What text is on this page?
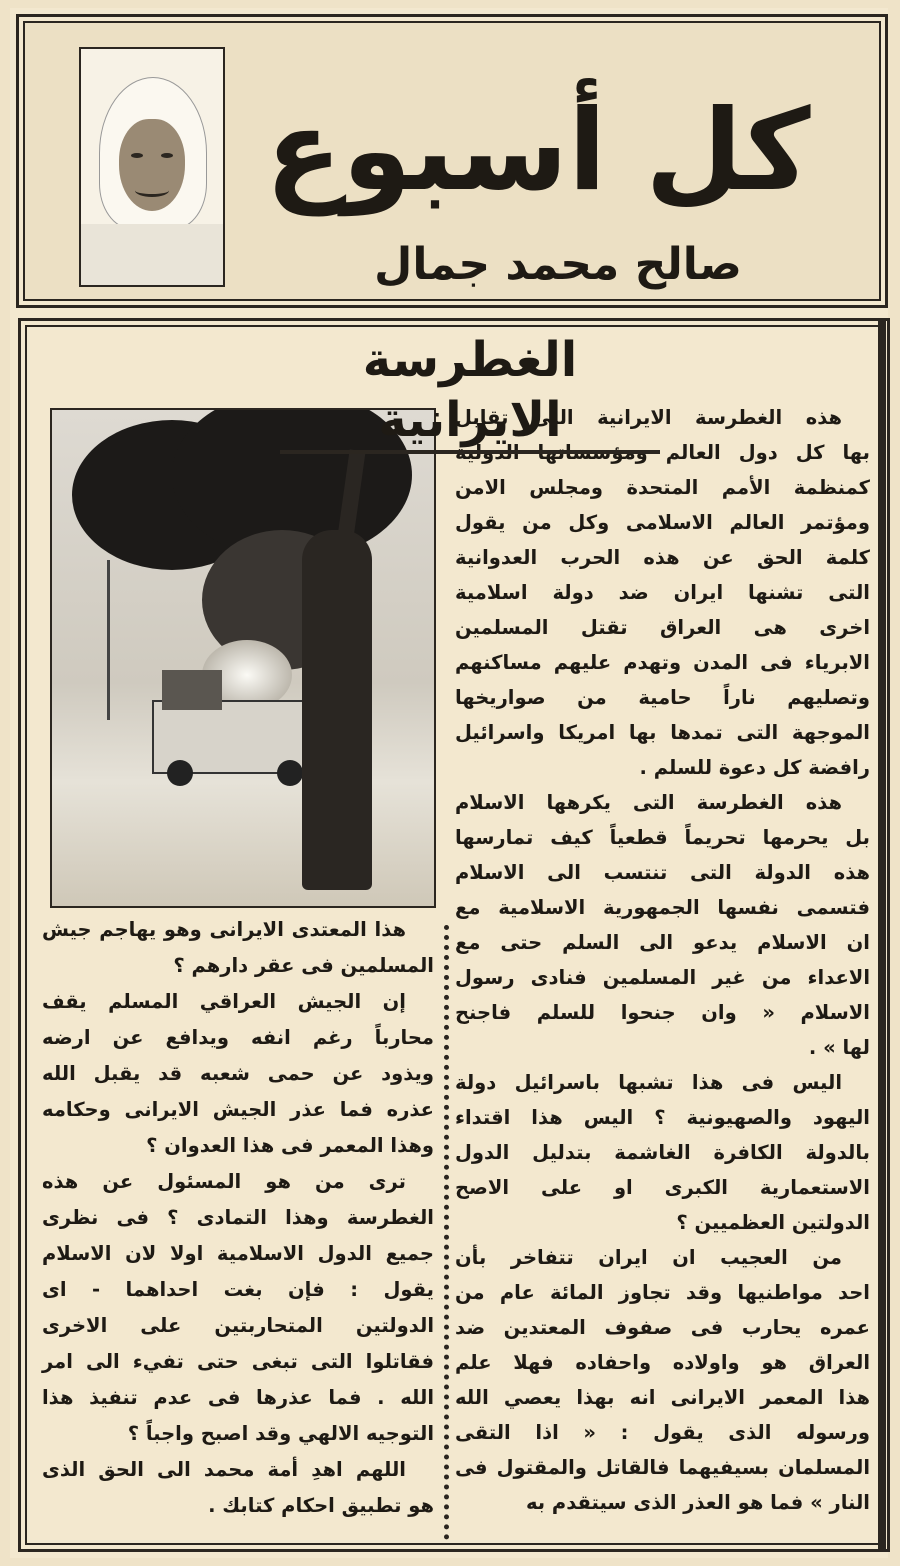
كل أسبوع
صالح محمد جمال
الغطرسة الايرانية
هذه الغطرسة الايرانية التى تقابل
بها كل دول العالم ومؤسساتها الدولية
كمنظمة الأمم المتحدة ومجلس الامن
ومؤتمر العالم الاسلامى وكل من يقول
كلمة الحق عن هذه الحرب العدوانية
التى تشنها ايران ضد دولة اسلامية
اخرى هى العراق تقتل المسلمين
الابرياء فى المدن وتهدم عليهم مساكنهم
وتصليهم ناراً حامية من صواريخها
الموجهة التى تمدها بها امريكا واسرائيل
رافضة كل دعوة للسلم .
هذه الغطرسة التى يكرهها الاسلام
بل يحرمها تحريماً قطعياً كيف تمارسها
هذه الدولة التى تنتسب الى الاسلام
فتسمى نفسها الجمهورية الاسلامية مع
ان الاسلام يدعو الى السلم حتى مع
الاعداء من غير المسلمين فنادى رسول
الاسلام « وان جنحوا للسلم فاجنح
لها » .
اليس فى هذا تشبها باسرائيل دولة
اليهود والصهيونية ؟ اليس هذا اقتداء
بالدولة الكافرة الغاشمة بتدليل الدول
الاستعمارية الكبرى او على الاصح
الدولتين العظميين ؟
من العجيب ان ايران تتفاخر بأن
احد مواطنيها وقد تجاوز المائة عام من
عمره يحارب فى صفوف المعتدين ضد
العراق هو واولاده واحفاده فهلا علم
هذا المعمر الايرانى انه بهذا يعصي الله
ورسوله الذى يقول : « اذا التقى
المسلمان بسيفيهما فالقاتل والمقتول فى
النار » فما هو العذر الذى سيتقدم به
هذا المعتدى الايرانى وهو يهاجم جيش
المسلمين فى عقر دارهم ؟
إن الجيش العراقي المسلم يقف
محارباً رغم انفه ويدافع عن ارضه
ويذود عن حمى شعبه قد يقبل الله
عذره فما عذر الجيش الايرانى وحكامه
وهذا المعمر فى هذا العدوان ؟
ترى من هو المسئول عن هذه
الغطرسة وهذا التمادى ؟ فى نظرى
جميع الدول الاسلامية اولا لان الاسلام
يقول : فإن بغت احداهما - اى
الدولتين المتحاربتين على الاخرى
فقاتلوا التى تبغى حتى تفيء الى امر
الله . فما عذرها فى عدم تنفيذ هذا
التوجيه الالهي وقد اصبح واجباً ؟
اللهم اهدِ أمة محمد الى الحق الذى
هو تطبيق احكام كتابك .
